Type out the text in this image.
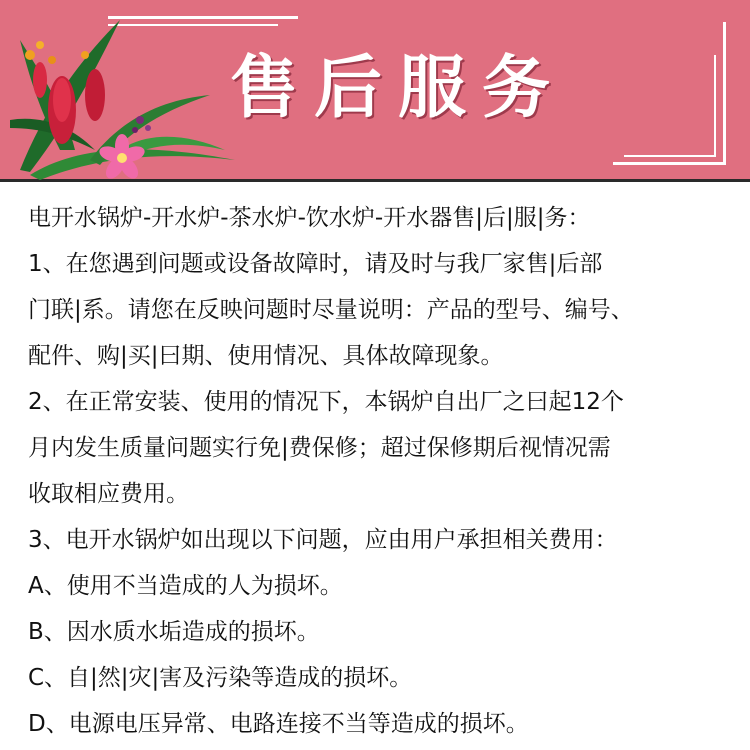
售后服务

电开水锅炉-开水炉-茶水炉-饮水炉-开水器售|后|服|务：

1、在您遇到问题或设备故障时，请及时与我厂家售|后部

门联|系。请您在反映问题时尽量说明：产品的型号、编号、

配件、购|买|曰期、使用情况、具体故障现象。

2、在正常安装、使用的情况下，本锅炉自出厂之曰起12个

月内发生质量问题实行免|费保修；超过保修期后视情况需

收取相应费用。

3、电开水锅炉如出现以下问题，应由用户承担相关费用：

A、使用不当造成的人为损坏。

B、因水质水垢造成的损坏。

C、自|然|灾|害及污染等造成的损坏。

D、电源电压异常、电路连接不当等造成的损坏。
